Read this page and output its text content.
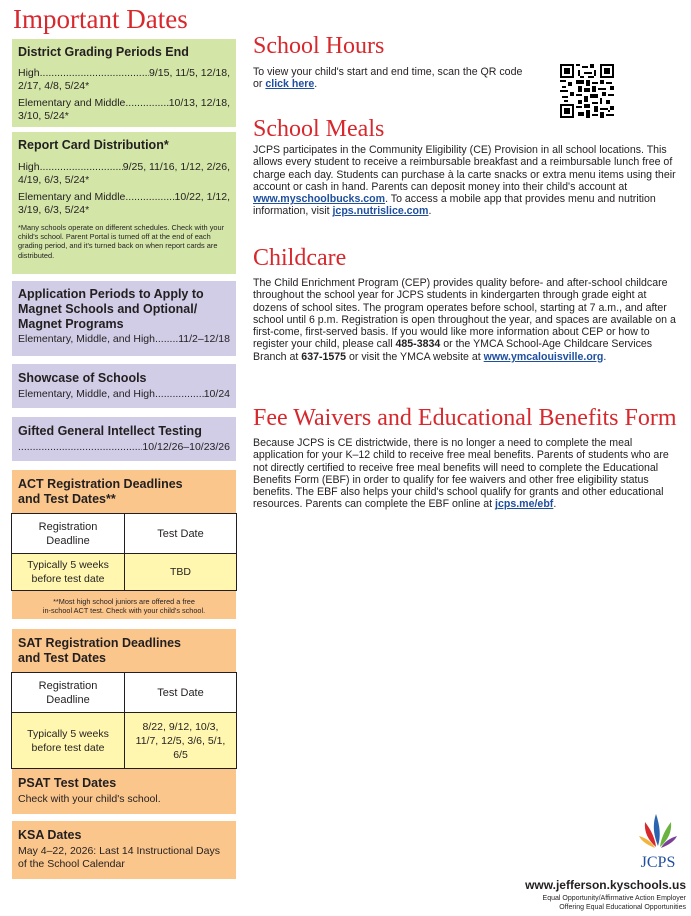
Important Dates
District Grading Periods End
High .....	9/15, 11/5, 12/18,
2/17, 4/8, 5/24*
Elementary and Middle .....	10/13, 12/18,
3/10, 5/24*
Report Card Distribution*
High .....	9/25, 11/16, 1/12, 2/26,
4/19, 6/3, 5/24*
Elementary and Middle .....	10/22, 1/12,
3/19, 6/3, 5/24*
*Many schools operate on different schedules. Check with your child's school. Parent Portal is turned off at the end of each grading period, and it's turned back on when report cards are distributed.
Application Periods to Apply to
Magnet Schools and Optional/
Magnet Programs
Elementary, Middle, and High ..... 11/2–12/18
Showcase of Schools
Elementary, Middle, and High .....	10/24
Gifted General Intellect Testing
.....
10/12/26–10/23/26
ACT Registration Deadlines
and Test Dates**
Registration
Deadline	Test Date
Typically 5 weeks
before test date	TBD
**Most high school juniors are offered a free
in-school ACT test. Check with your child's school.
SAT Registration Deadlines
and Test Dates
Registration
Deadline	Test Date
Typically 5 weeks
before test date	8/22, 9/12, 10/3,
11/7, 12/5, 3/6, 5/1,
6/5
PSAT Test Dates
Check with your child's school.
KSA Dates
May 4–22, 2026: Last 14 Instructional Days
of the School Calendar
School Hours
To view your child's start and end time, scan the QR code
or click here.
School Meals
JCPS participates in the Community Eligibility (CE) Provision in all school locations. This allows every student to receive a reimbursable breakfast and a reimbursable lunch free of charge each day. Students can purchase à la carte snacks or extra menu items using their account or cash in hand. Parents can deposit money into their child's account at www.myschoolbucks.com. To access a mobile app that provides menu and nutrition information, visit jcps.nutrislice.com.
Childcare
The Child Enrichment Program (CEP) provides quality before- and after-school childcare throughout the school year for JCPS students in kindergarten through grade eight at dozens of school sites. The program operates before school, starting at 7 a.m., and after school until 6 p.m. Registration is open throughout the year, and spaces are available on a first-come, first-served basis. If you would like more information about CEP or how to register your child, please call 485-3834 or the YMCA School-Age Childcare Services Branch at 637-1575 or visit the YMCA website at www.ymcalouisville.org.
Fee Waivers and Educational Benefits Form
Because JCPS is CE districtwide, there is no longer a need to complete the meal application for your K–12 child to receive free meal benefits. Parents of students who are not directly certified to receive free meal benefits will need to complete the Educational Benefits Form (EBF) in order to qualify for fee waivers and other free eligibility status benefits. The EBF also helps your child's school qualify for grants and other educational resources. Parents can complete the EBF online at jcps.me/ebf.
JCPS
www.jefferson.kyschools.us
Equal Opportunity/Affirmative Action Employer
Offering Equal Educational Opportunities
